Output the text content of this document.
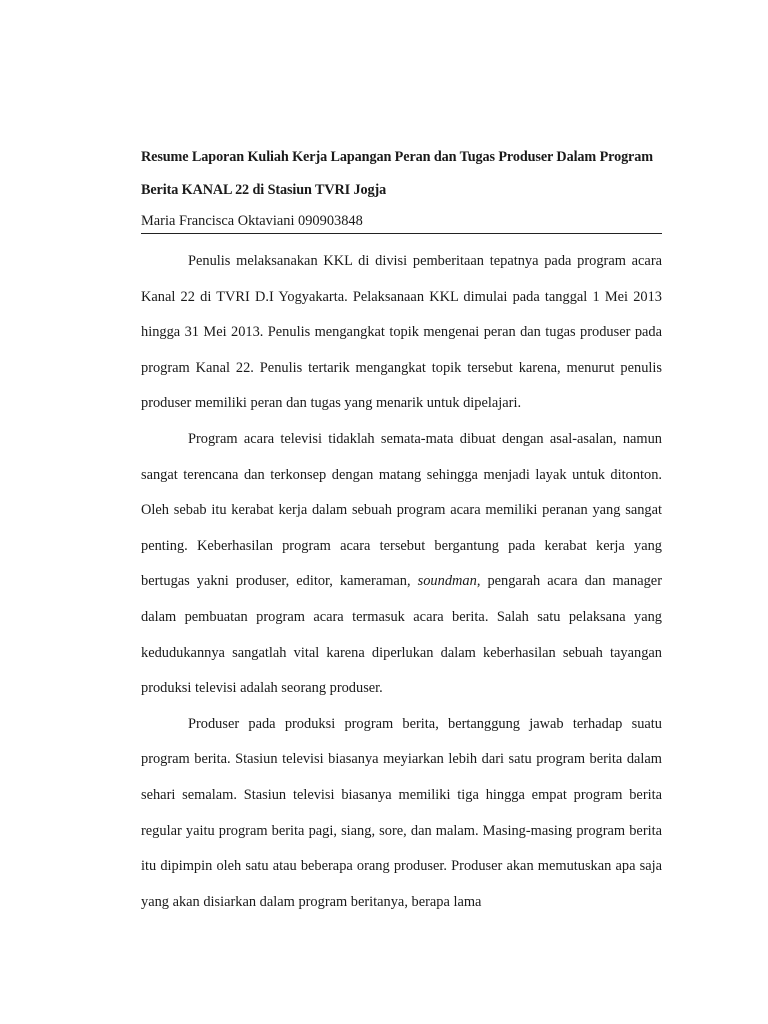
Resume Laporan Kuliah Kerja Lapangan Peran dan Tugas Produser Dalam Program
Berita KANAL 22 di Stasiun TVRI Jogja
Maria Francisca Oktaviani 090903848

Penulis melaksanakan KKL di divisi pemberitaan tepatnya pada program acara Kanal 22 di TVRI D.I Yogyakarta. Pelaksanaan KKL dimulai pada tanggal 1 Mei 2013 hingga 31 Mei 2013. Penulis mengangkat topik mengenai peran dan tugas produser pada program Kanal 22. Penulis tertarik mengangkat topik tersebut karena, menurut penulis produser memiliki peran dan tugas yang menarik untuk dipelajari.

Program acara televisi tidaklah semata-mata dibuat dengan asal-asalan, namun sangat terencana dan terkonsep dengan matang sehingga menjadi layak untuk ditonton. Oleh sebab itu kerabat kerja dalam sebuah program acara memiliki peranan yang sangat penting. Keberhasilan program acara tersebut bergantung pada kerabat kerja yang bertugas yakni produser, editor, kameraman, soundman, pengarah acara dan manager dalam pembuatan program acara termasuk acara berita. Salah satu pelaksana yang kedudukannya sangatlah vital karena diperlukan dalam keberhasilan sebuah tayangan produksi televisi adalah seorang produser.

Produser pada produksi program berita, bertanggung jawab terhadap suatu program berita. Stasiun televisi biasanya meyiarkan lebih dari satu program berita dalam sehari semalam. Stasiun televisi biasanya memiliki tiga hingga empat program berita regular yaitu program berita pagi, siang, sore, dan malam. Masing-masing program berita itu dipimpin oleh satu atau beberapa orang produser. Produser akan memutuskan apa saja yang akan disiarkan dalam program beritanya, berapa lama
